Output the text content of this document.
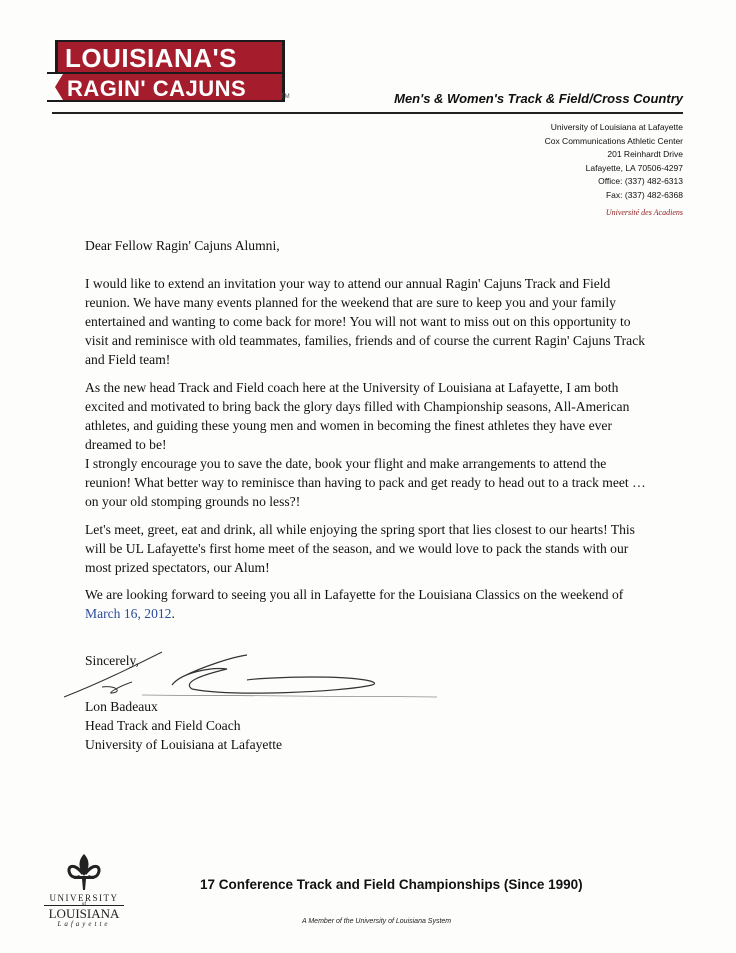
LOUISIANA'S
RAGIN' CAJUNS	TM	Men's & Women's Track & Field/Cross Country
University of Louisiana at Lafayette
Cox Communications Athletic Center
201 Reinhardt Drive
Lafayette, LA 70506-4297
Office: (337) 482-6313
Fax: (337) 482-6368
Université des Acadiens
Dear Fellow Ragin' Cajuns Alumni,
I would like to extend an invitation your way to attend our annual Ragin' Cajuns Track and Field reunion. We have many events planned for the weekend that are sure to keep you and your family entertained and wanting to come back for more! You will not want to miss out on this opportunity to visit and reminisce with old teammates, families, friends and of course the current Ragin' Cajuns Track and Field team!
As the new head Track and Field coach here at the University of Louisiana at Lafayette, I am both excited and motivated to bring back the glory days filled with Championship seasons, All-American athletes, and guiding these young men and women in becoming the finest athletes they have ever dreamed to be!
I strongly encourage you to save the date, book your flight and make arrangements to attend the reunion! What better way to reminisce than having to pack and get ready to head out to a track meet … on your old stomping grounds no less?!
Let's meet, greet, eat and drink, all while enjoying the spring sport that lies closest to our hearts! This will be UL Lafayette's first home meet of the season, and we would love to pack the stands with our most prized spectators, our Alum!
We are looking forward to seeing you all in Lafayette for the Louisiana Classics on the weekend of March 16, 2012.
Sincerely,
Lon Badeaux
Head Track and Field Coach
University of Louisiana at Lafayette
UNIVERSITY
of
LOUISIANA
Lafayette
17 Conference Track and Field Championships (Since 1990)
A Member of the University of Louisiana System
